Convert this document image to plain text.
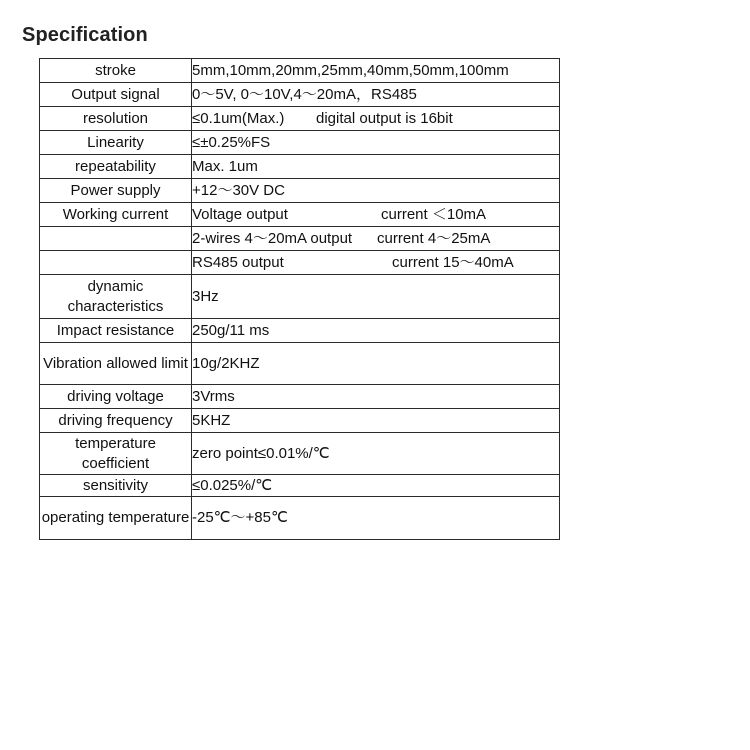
Specification
stroke	5mm,10mm,20mm,25mm,40mm,50mm,100mm
Output signal	0～5V, 0～10V,4～20mA，RS485
resolution	≤0.1um(Max.) digital output is 16bit

Linearity	≤±0.25%FS
repeatability	Max. 1um
Power supply	+12～30V DC
Working current	Voltage output current ＜10mA

	2-wires 4～20mA output current 4～25mA

	RS485 output current 15～40mA

dynamic characteristics	3Hz
Impact resistance	250g/11 ms
Vibration allowed limit	10g/2KHZ
driving voltage	3Vrms
driving frequency	5KHZ
temperature coefficient	zero point≤0.01%/℃
sensitivity	≤0.025%/℃
operating temperature	-25℃～+85℃
